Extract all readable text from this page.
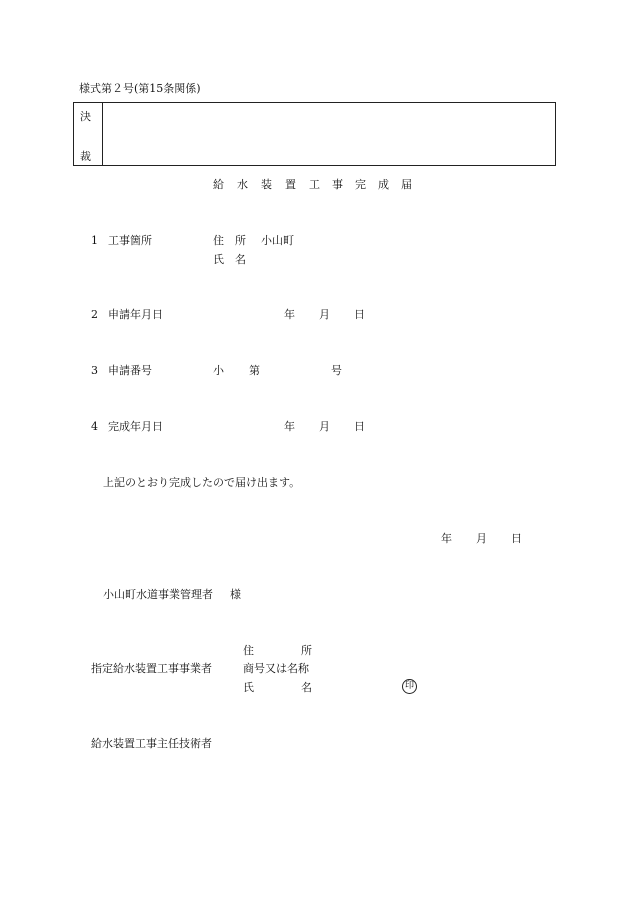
様式第２号(第15条関係)
決
裁
給 水 装 置 工 事 完 成 届
1 工事箇所	住　所 小山町
氏　名
2 申請年月日	年 月 日
3 申請番号	小 第	号
4 完成年月日	年 月 日
上記のとおり完成したので届け出ます。
年 月 日
小山町水道事業管理者 様
住	所
指定給水装置工事事業者	商号又は名称
氏	名	印
給水装置工事主任技術者
